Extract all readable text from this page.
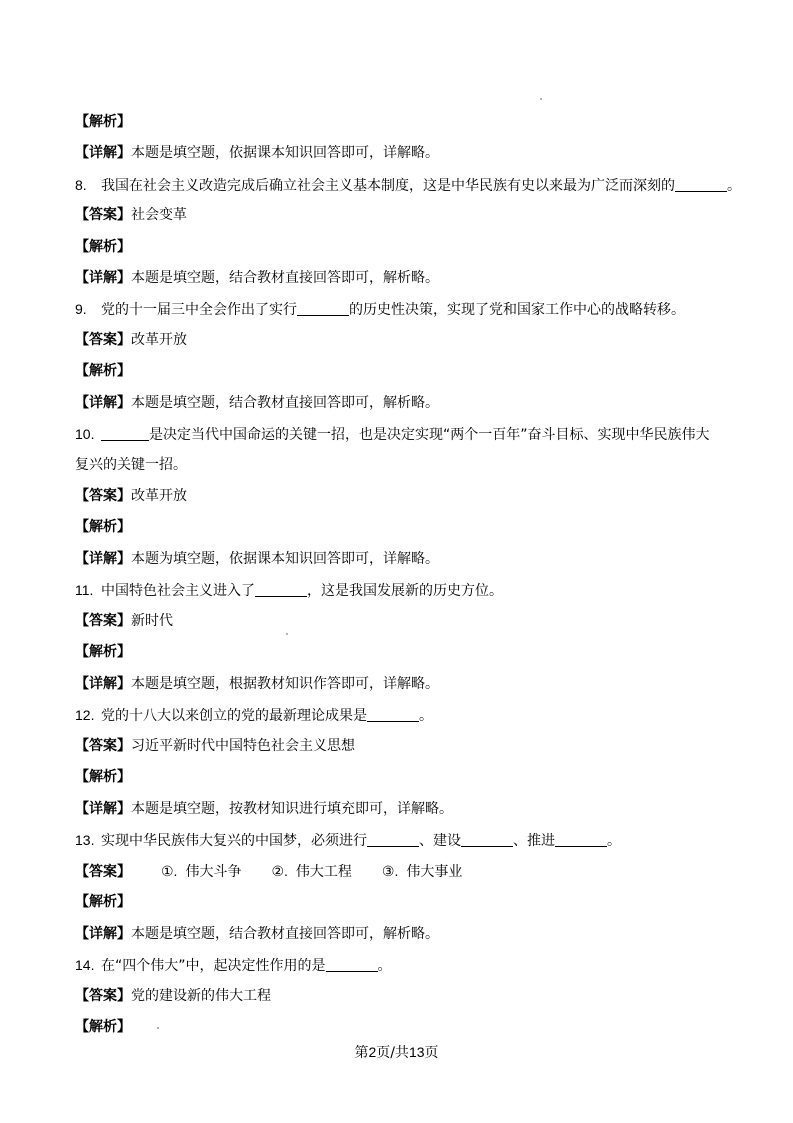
【解析】
【详解】本题是填空题，依据课本知识回答即可，详解略。
8. 我国在社会主义改造完成后确立社会主义基本制度，这是中华民族有史以来最为广泛而深刻的	。
【答案】社会变革
【解析】
【详解】本题是填空题，结合教材直接回答即可，解析略。
9. 党的十一届三中全会作出了实行	的历史性决策，实现了党和国家工作中心的战略转移。
【答案】改革开放
【解析】
【详解】本题是填空题，结合教材直接回答即可，解析略。
10.	是决定当代中国命运的关键一招，也是决定实现“两个一百年”奋斗目标、实现中华民族伟大
复兴的关键一招。
【答案】改革开放
【解析】
【详解】本题为填空题，依据课本知识回答即可，详解略。
11. 中国特色社会主义进入了	，这是我国发展新的历史方位。
【答案】新时代
【解析】
【详解】本题是填空题，根据教材知识作答即可，详解略。
12. 党的十八大以来创立的党的最新理论成果是	。
【答案】习近平新时代中国特色社会主义思想
【解析】
【详解】本题是填空题，按教材知识进行填充即可，详解略。
13. 实现中华民族伟大复兴的中国梦，必须进行	、建设	、推进	。
【答案】 ①. 伟大斗争 ②. 伟大工程 ③. 伟大事业
【解析】
【详解】本题是填空题，结合教材直接回答即可，解析略。
14. 在“四个伟大”中，起决定性作用的是	。
【答案】党的建设新的伟大工程
【解析】
第2页/共13页
